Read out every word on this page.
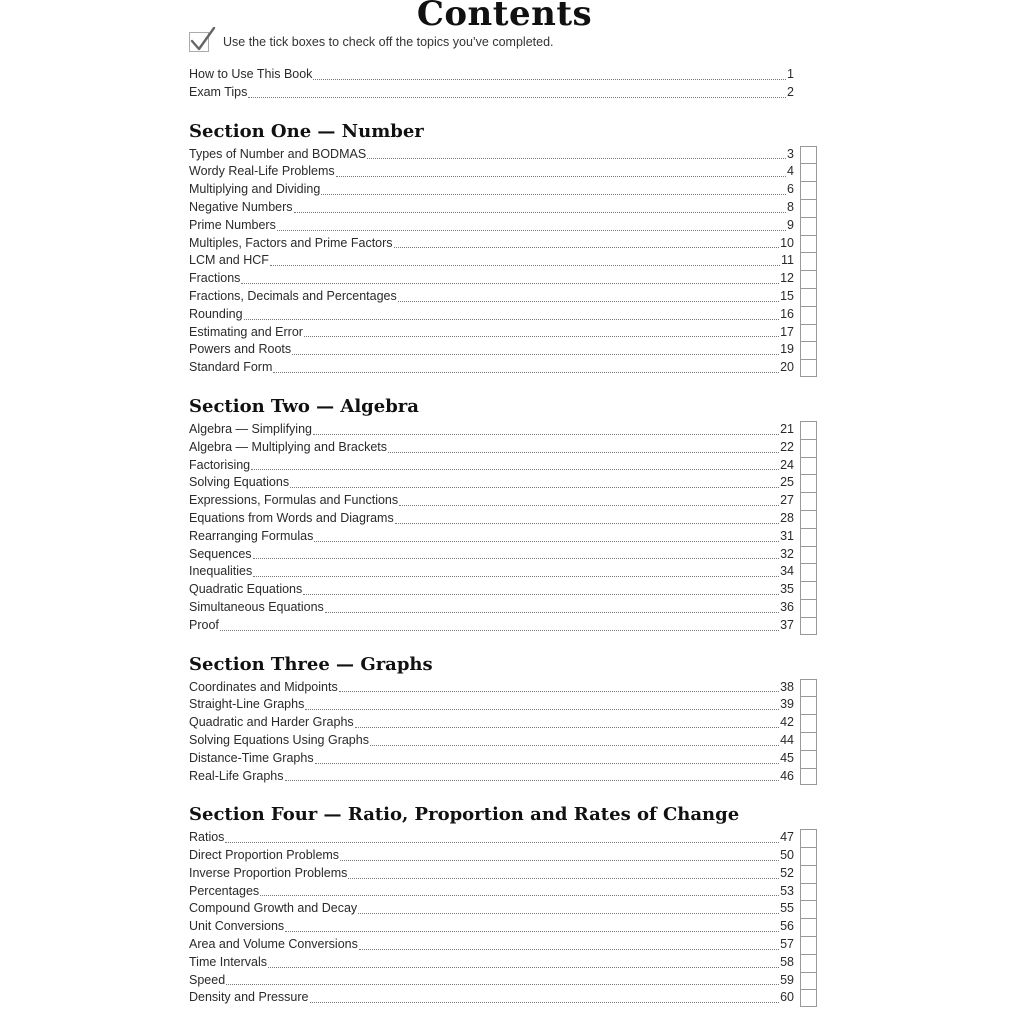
Contents
Use the tick boxes to check off the topics you’ve completed.
How to Use This Book	1
Exam Tips	2
Section One — Number
Types of Number and BODMAS	3
Wordy Real-Life Problems	4
Multiplying and Dividing	6
Negative Numbers	8
Prime Numbers	9
Multiples, Factors and Prime Factors	10
LCM and HCF	11
Fractions	12
Fractions, Decimals and Percentages	15
Rounding	16
Estimating and Error	17
Powers and Roots	19
Standard Form	20
Section Two — Algebra
Algebra — Simplifying	21
Algebra — Multiplying and Brackets	22
Factorising	24
Solving Equations	25
Expressions, Formulas and Functions	27
Equations from Words and Diagrams	28
Rearranging Formulas	31
Sequences	32
Inequalities	34
Quadratic Equations	35
Simultaneous Equations	36
Proof	37
Section Three — Graphs
Coordinates and Midpoints	38
Straight-Line Graphs	39
Quadratic and Harder Graphs	42
Solving Equations Using Graphs	44
Distance-Time Graphs	45
Real-Life Graphs	46
Section Four — Ratio, Proportion and Rates of Change
Ratios	47
Direct Proportion Problems	50
Inverse Proportion Problems	52
Percentages	53
Compound Growth and Decay	55
Unit Conversions	56
Area and Volume Conversions	57
Time Intervals	58
Speed	59
Density and Pressure	60
